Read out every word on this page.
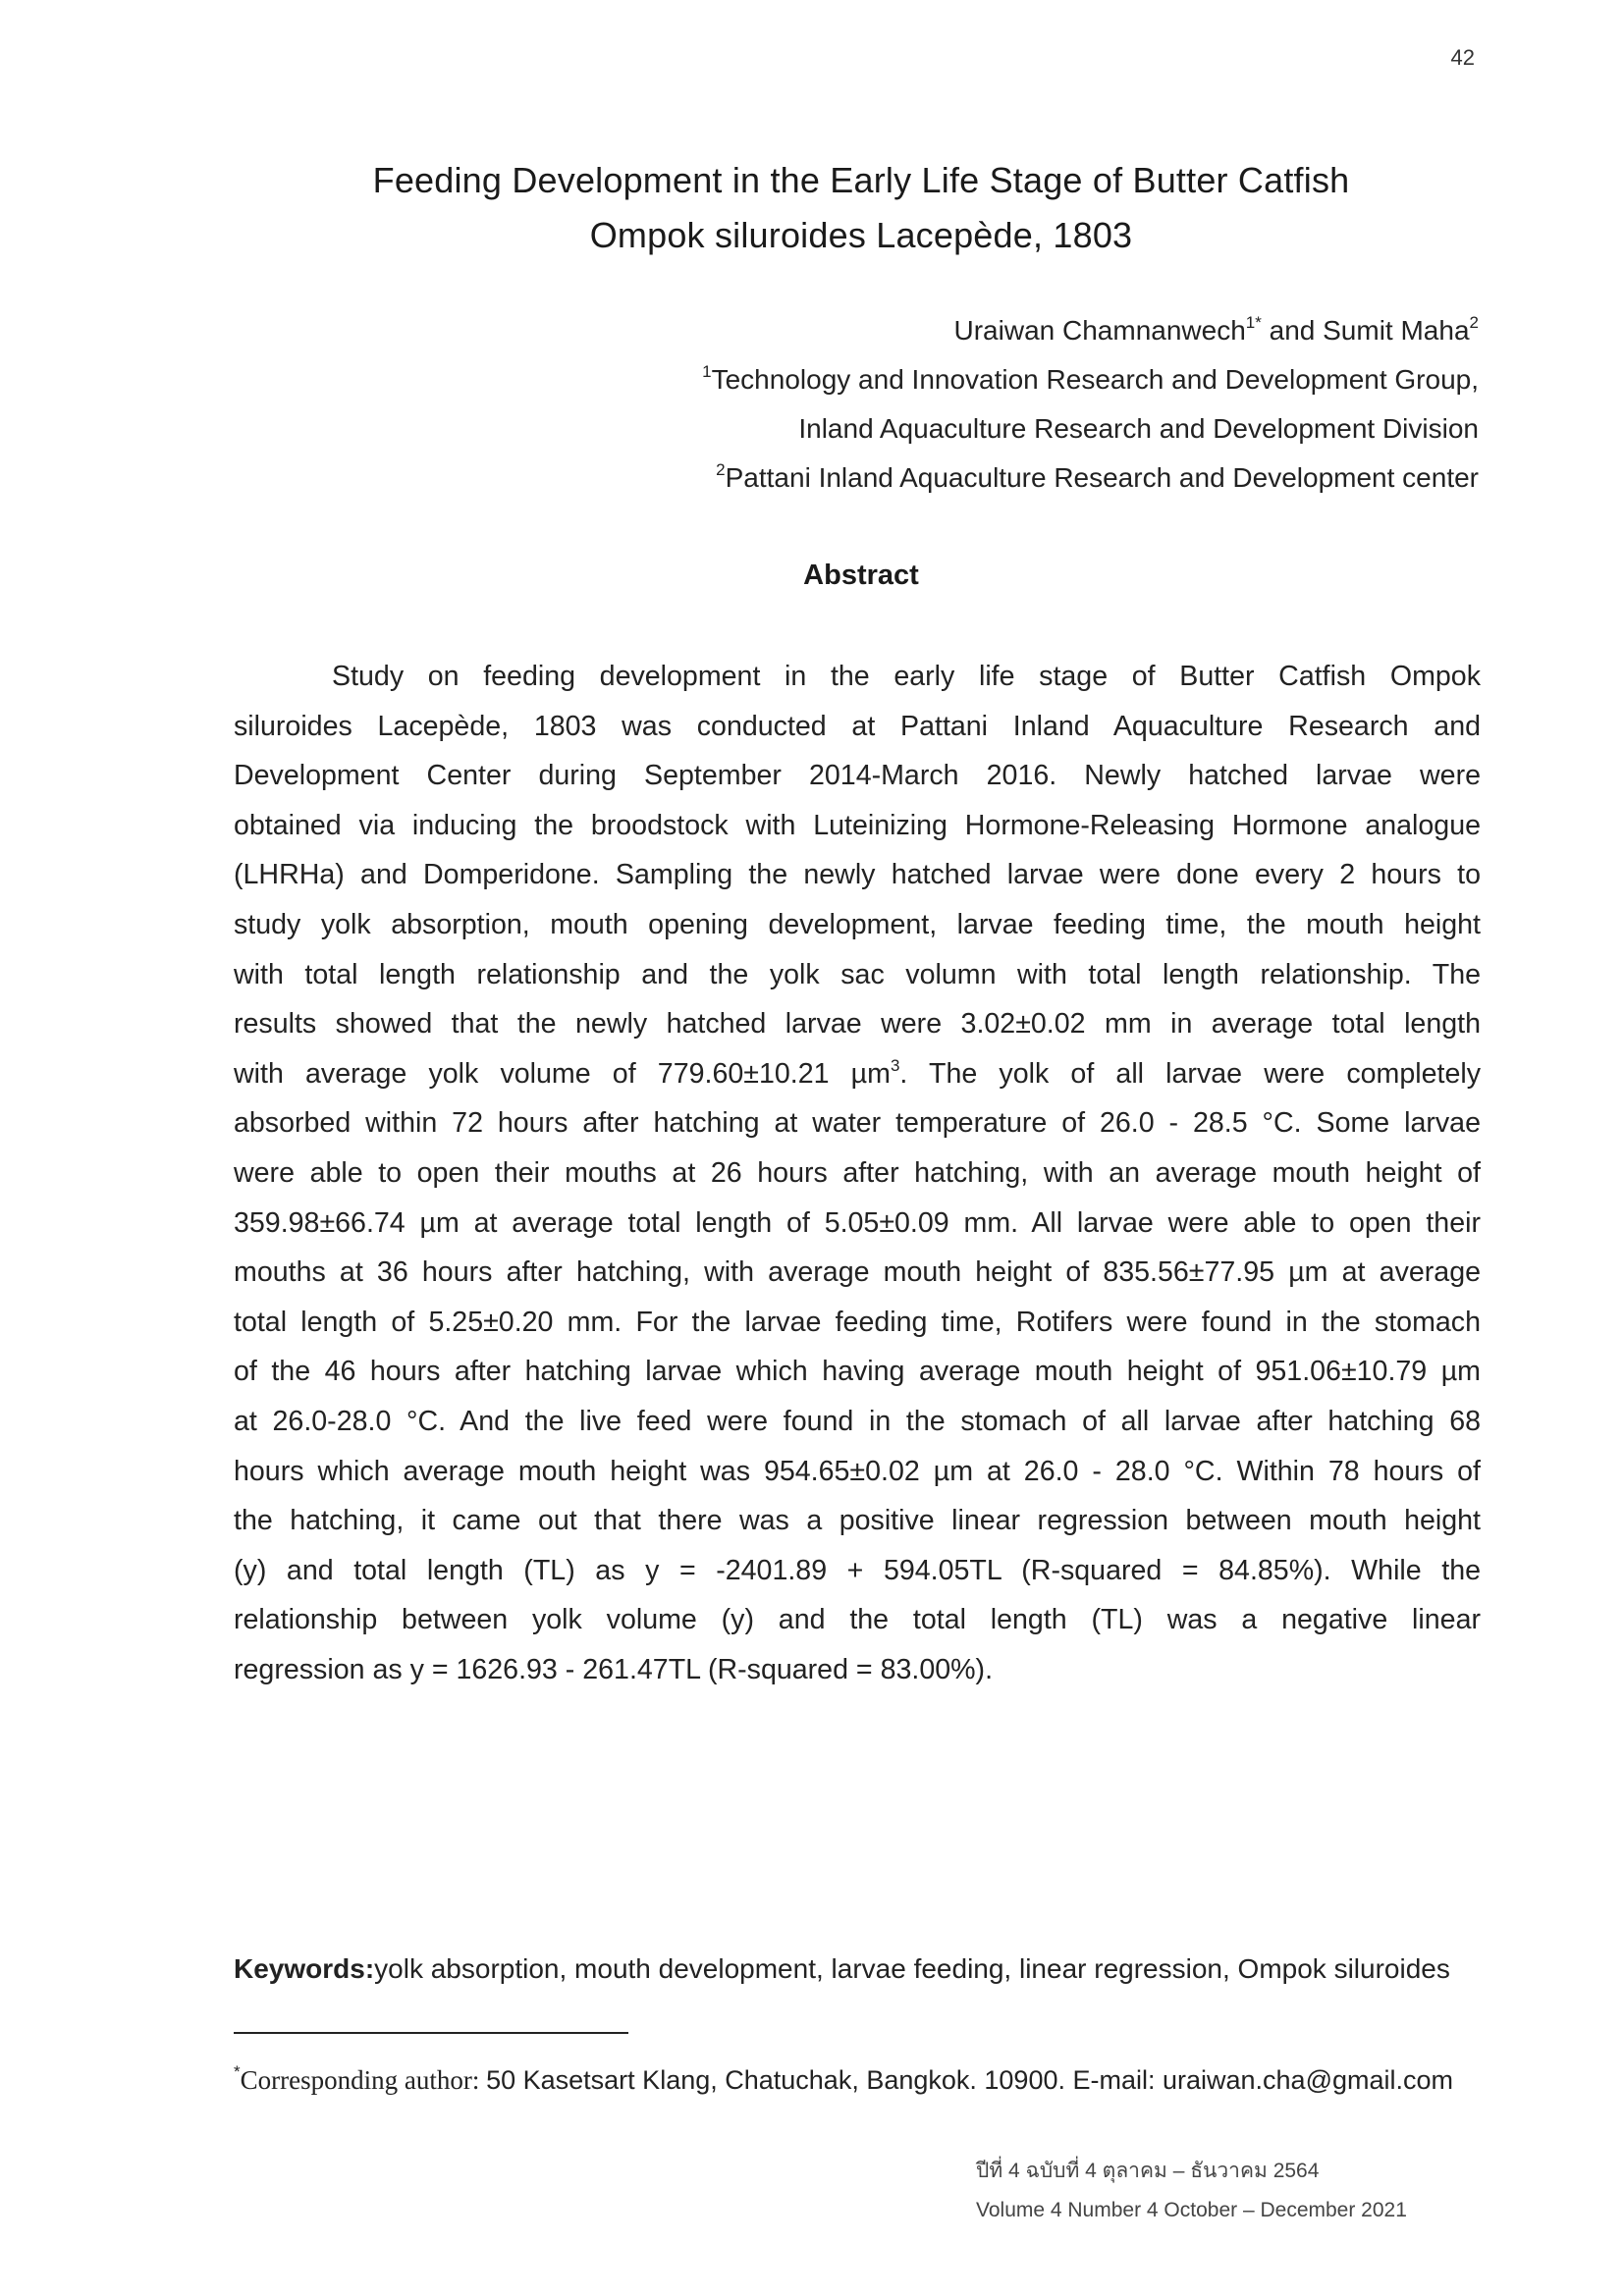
42
Feeding Development in the Early Life Stage of Butter Catfish
Ompok siluroides Lacepède, 1803
Uraiwan Chamnanwech$^{1*}$ and Sumit Maha$^2$
$^1$Technology and Innovation Research and Development Group,
Inland Aquaculture Research and Development Division
$^2$Pattani Inland Aquaculture Research and Development center
Abstract
Study on feeding development in the early life stage of Butter Catfish Ompok
siluroides Lacepède, 1803 was conducted at Pattani Inland Aquaculture Research and
Development Center during September 2014-March 2016. Newly hatched larvae were
obtained via inducing the broodstock with Luteinizing Hormone-Releasing Hormone analogue
(LHRHa) and Domperidone. Sampling the newly hatched larvae were done every 2 hours to
study yolk absorption, mouth opening development, larvae feeding time, the mouth height
with total length relationship and the yolk sac volumn with total length relationship. The
results showed that the newly hatched larvae were 3.02±0.02 mm in average total length
with average yolk volume of 779.60±10.21 µm$^3$. The yolk of all larvae were completely
absorbed within 72 hours after hatching at water temperature of 26.0 - 28.5 °C. Some larvae
were able to open their mouths at 26 hours after hatching, with an average mouth height of
359.98±66.74 µm at average total length of 5.05±0.09 mm. All larvae were able to open their
mouths at 36 hours after hatching, with average mouth height of 835.56±77.95 µm at average
total length of 5.25±0.20 mm. For the larvae feeding time, Rotifers were found in the stomach
of the 46 hours after hatching larvae which having average mouth height of 951.06±10.79 µm
at 26.0-28.0 °C. And the live feed were found in the stomach of all larvae after hatching 68
hours which average mouth height was 954.65±0.02 µm at 26.0 - 28.0 °C. Within 78 hours of
the hatching, it came out that there was a positive linear regression between mouth height
(y) and total length (TL) as y = -2401.89 + 594.05TL (R-squared = 84.85%). While the
relationship between yolk volume (y) and the total length (TL) was a negative linear
regression as y = 1626.93 - 261.47TL (R-squared = 83.00%).
Keywords:yolk absorption, mouth development, larvae feeding, linear regression, Ompok siluroides
*Corresponding author: 50 Kasetsart Klang, Chatuchak, Bangkok. 10900. E-mail: uraiwan.cha@gmail.com
ปีที่ 4 ฉบับที่ 4 ตุลาคม – ธันวาคม 2564
Volume 4 Number 4 October – December 2021
